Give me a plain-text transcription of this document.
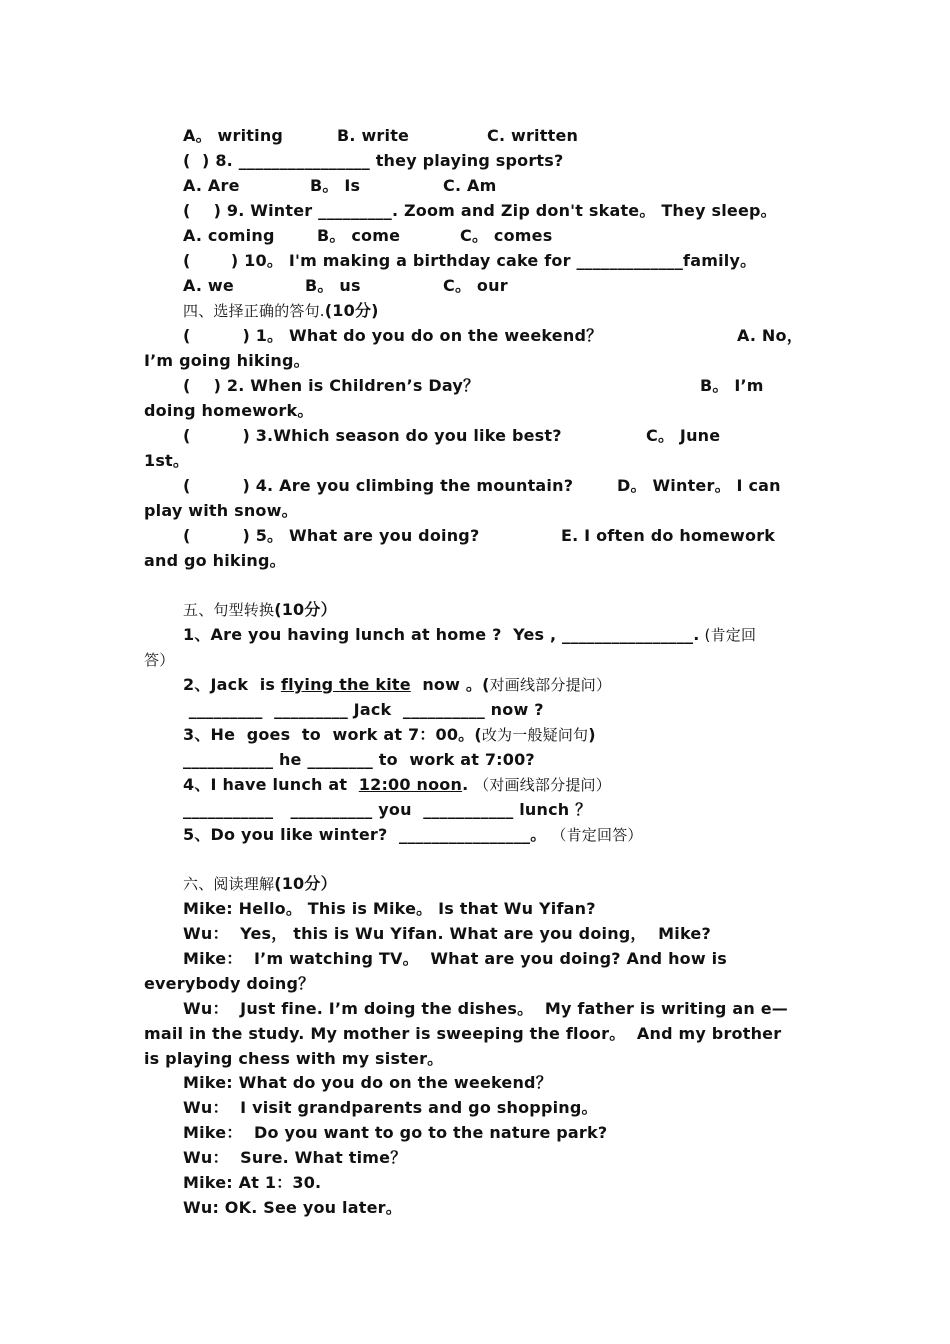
A。 writing	B. write	C. written
(  ) 8. ________________ they playing sports?
A. Are	B。 Is	C. Am
(    ) 9. Winter _________. Zoom and Zip don't skate。 They sleep。
A. coming	B。 come	C。 comes
(       ) 10。 I'm making a birthday cake for _____________family。
A. we	B。 us	C。 our
四、选择正确的答句.(10分)
(         ) 1。 What do you do on the weekend？	A. No，
I’m going hiking。
(    ) 2. When is Children’s Day？	B。 I’m
doing homework。
(         ) 3.Which season do you like best?	C。 June
1st。
(         ) 4. Are you climbing the mountain?	D。 Winter。 I can
play with snow。
(         ) 5。 What are you doing?	E. I often do homework
and go hiking。
五、句型转换(10分）
1、Are you having lunch at home ?  Yes , ________________. (肯定回
答）
2、Jack  is flying the kite  now 。(对画线部分提问）
_________  _________ Jack  __________ now ?
3、He  goes  to  work at 7：00。(改为一般疑问句)
___________ he ________ to  work at 7:00?
4、I have lunch at  12:00 noon. （对画线部分提问）
___________   __________ you  ___________ lunch ？
5、Do you like winter?  ________________。 （肯定回答）
六、阅读理解(10分）
Mike: Hello。 This is Mike。 Is that Wu Yifan?
Wu：  Yes， this is Wu Yifan. What are you doing，  Mike?
Mike：  I’m watching TV。  What are you doing? And how is
everybody doing？
Wu：  Just fine. I’m doing the dishes。  My father is writing an e—
mail in the study. My mother is sweeping the floor。  And my brother
is playing chess with my sister。
Mike: What do you do on the weekend？
Wu：  I visit grandparents and go shopping。
Mike：  Do you want to go to the nature park?
Wu：  Sure. What time？
Mike: At 1：30.
Wu: OK. See you later。
